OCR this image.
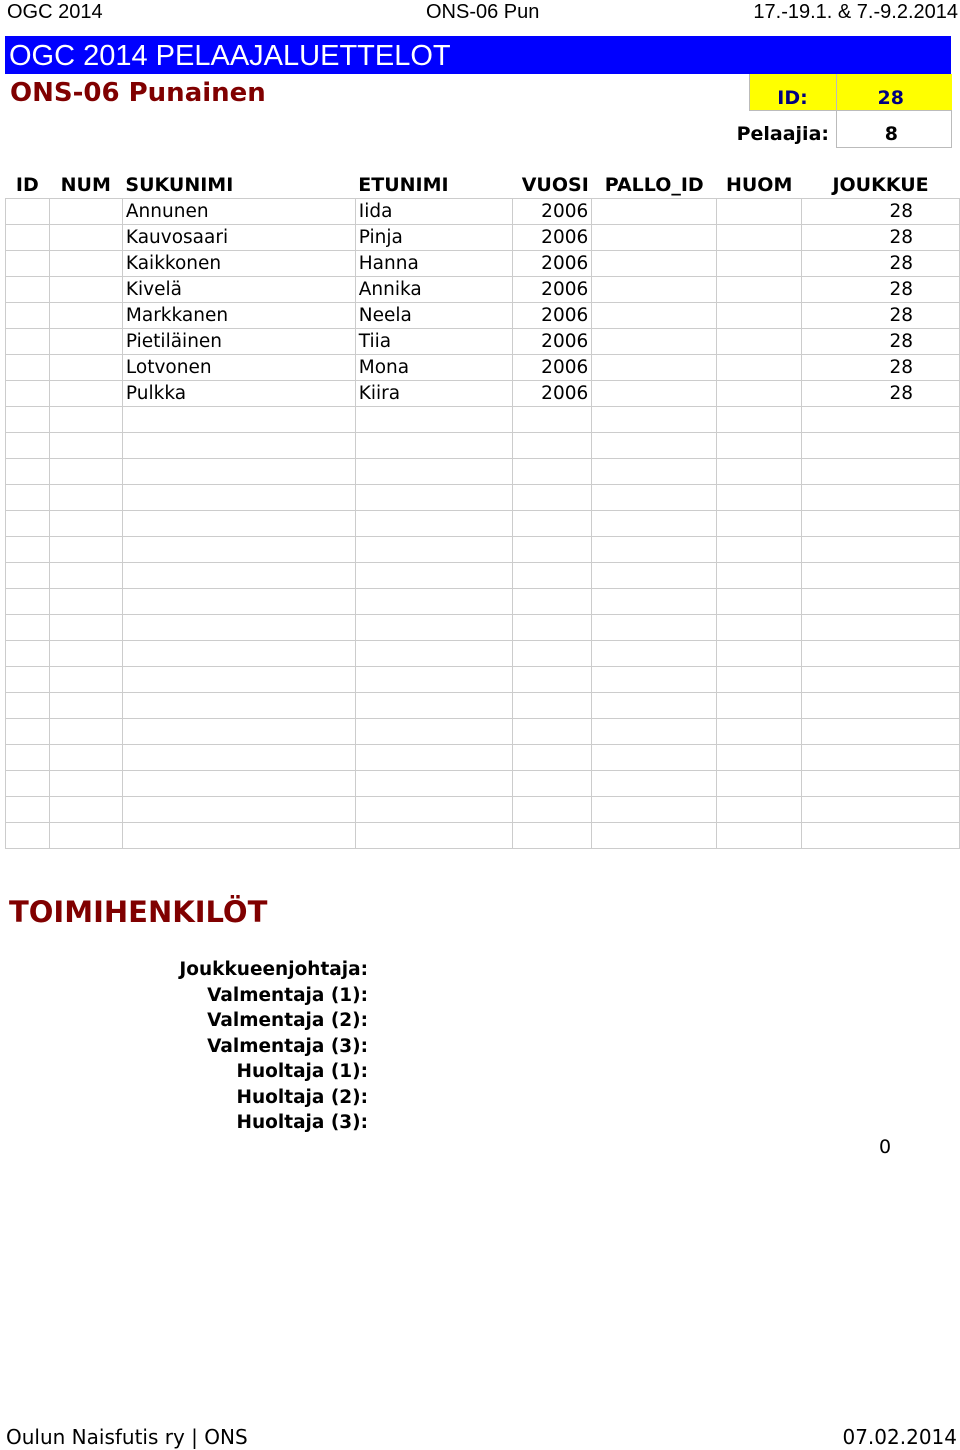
OGC 2014	ONS-06 Pun	17.-19.1. & 7.-9.2.2014
OGC 2014 PELAAJALUETTELOT
ONS-06 Punainen	ID:	28
Pelaajia:	8
ID	NUM	SUKUNIMI	ETUNIMI	VUOSI	PALLO_ID	HUOM	JOUKKUE
		Annunen	Iida	2006			28
		Kauvosaari	Pinja	2006			28
		Kaikkonen	Hanna	2006			28
		Kivelä	Annika	2006			28
		Markkanen	Neela	2006			28
		Pietiläinen	Tiia	2006			28
		Lotvonen	Mona	2006			28
		Pulkka	Kiira	2006			28

TOIMIHENKILÖT
Joukkueenjohtaja:
Valmentaja (1):
Valmentaja (2):
Valmentaja (3):
Huoltaja (1):
Huoltaja (2):
Huoltaja (3):
0
Oulun Naisfutis ry | ONS	07.02.2014
